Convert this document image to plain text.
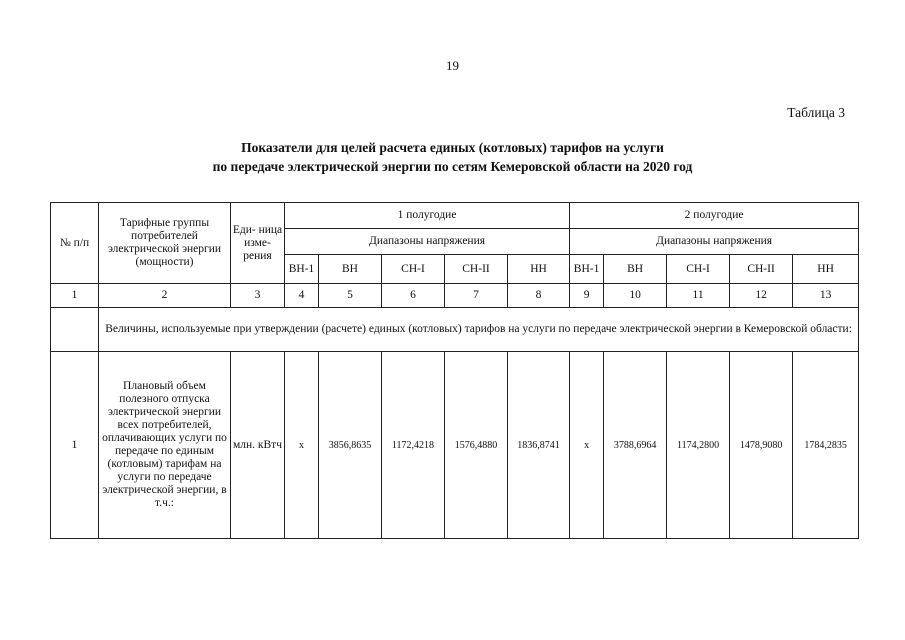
19
Таблица 3
Показатели для целей расчета единых (котловых) тарифов на услуги
по передаче электрической энергии по сетям Кемеровской области на 2020 год
№ п/п	Тарифные группы потребителей электрической энергии (мощности)	Еди- ница изме- рения	1 полугодие					2 полугодие				
			Диапазоны напряжения					Диапазоны напряжения				
			ВН-1	ВН	СН-I	СН-II	НН	ВН-1	ВН	СН-I	СН-II	НН
1	2	3	4	5	6	7	8	9	10	11	12	13
	Величины, используемые при утверждении (расчете) единых (котловых) тарифов на услуги по передаче электрической энергии в Кемеровской области:											
1	Плановый объем полезного отпуска электрической энергии всех потребителей, оплачивающих услуги по передаче по единым (котловым) тарифам на услуги по передаче электрической энергии, в т.ч.:	млн. кВтч	х	3856,8635	1172,4218	1576,4880	1836,8741	х	3788,6964	1174,2800	1478,9080	1784,2835
